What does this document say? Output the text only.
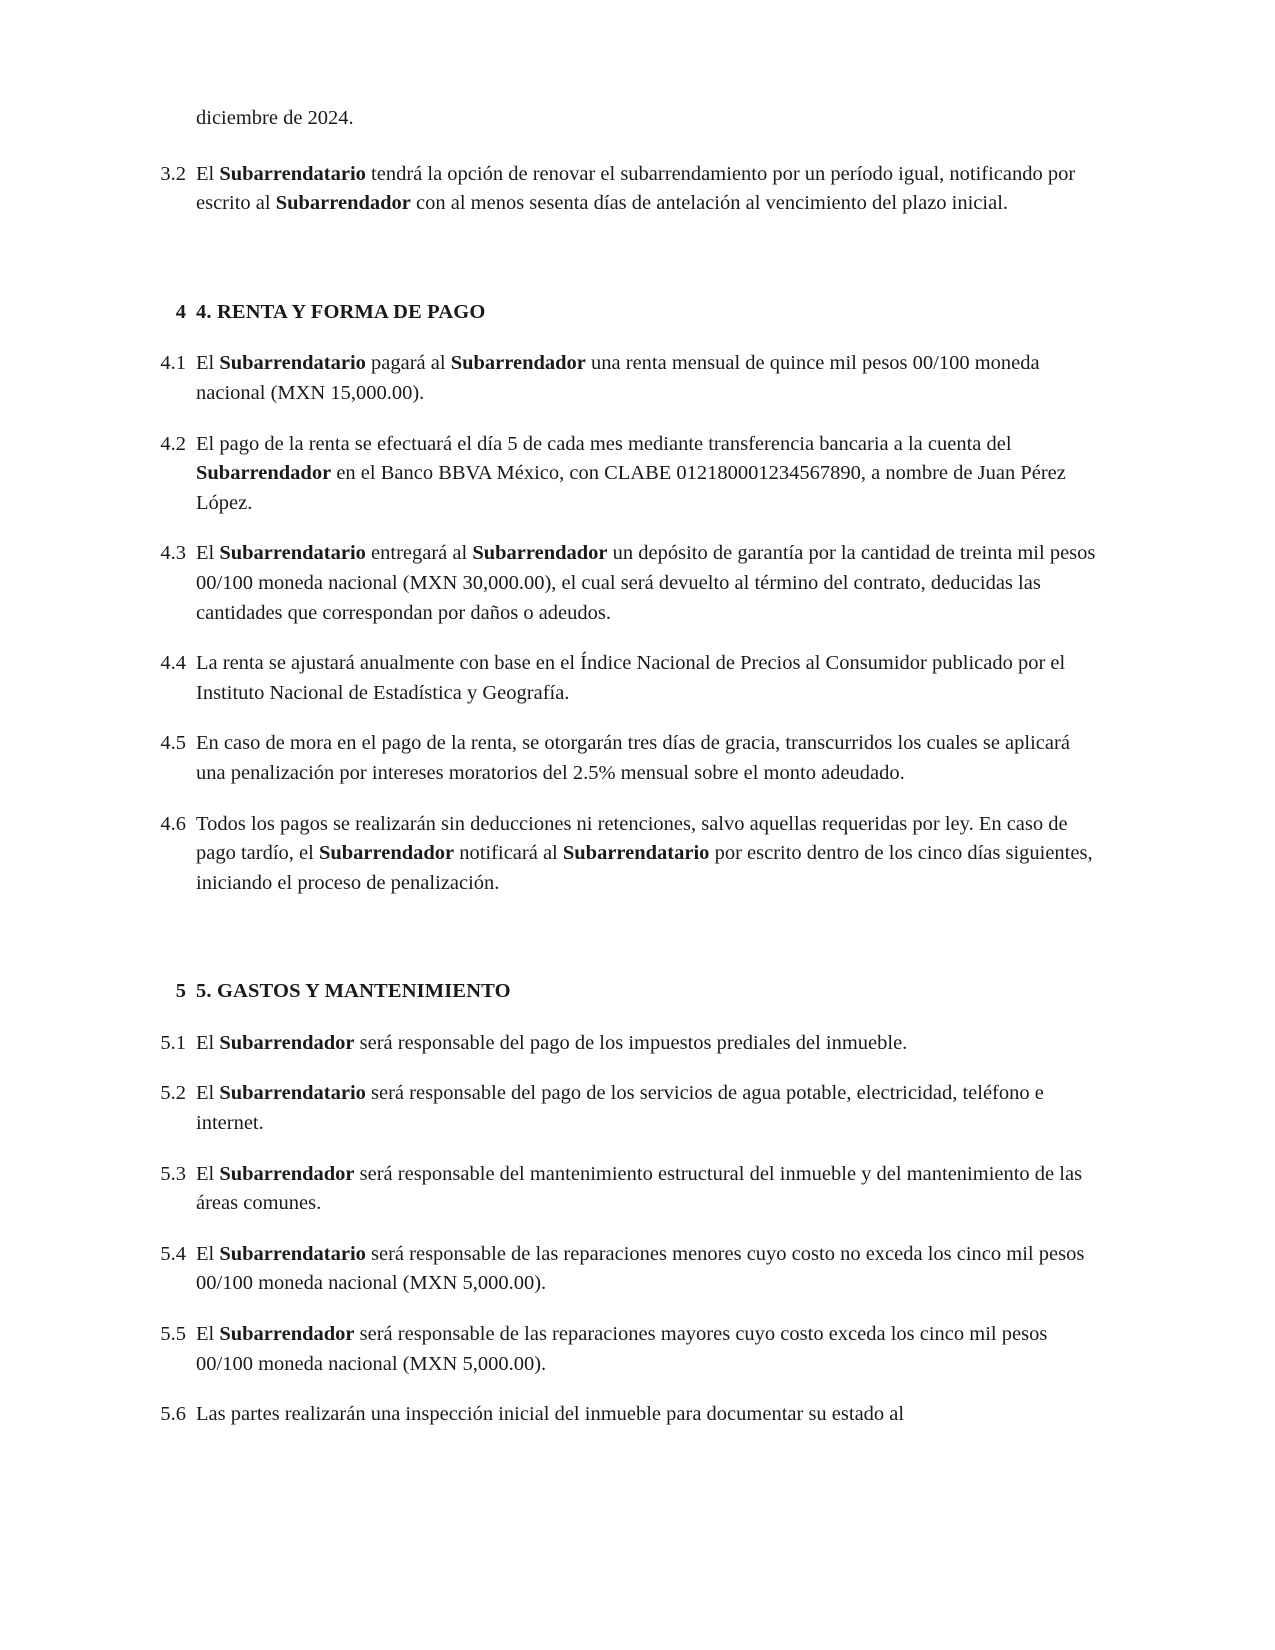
diciembre de 2024.

3.2 El Subarrendatario tendrá la opción de renovar el subarrendamiento por un período igual, notificando por escrito al Subarrendador con al menos sesenta días de antelación al vencimiento del plazo inicial.
4 4. RENTA Y FORMA DE PAGO
4.1 El Subarrendatario pagará al Subarrendador una renta mensual de quince mil pesos 00/100 moneda nacional (MXN 15,000.00).
4.2 El pago de la renta se efectuará el día 5 de cada mes mediante transferencia bancaria a la cuenta del Subarrendador en el Banco BBVA México, con CLABE 012180001234567890, a nombre de Juan Pérez López.
4.3 El Subarrendatario entregará al Subarrendador un depósito de garantía por la cantidad de treinta mil pesos 00/100 moneda nacional (MXN 30,000.00), el cual será devuelto al término del contrato, deducidas las cantidades que correspondan por daños o adeudos.
4.4 La renta se ajustará anualmente con base en el Índice Nacional de Precios al Consumidor publicado por el Instituto Nacional de Estadística y Geografía.
4.5 En caso de mora en el pago de la renta, se otorgarán tres días de gracia, transcurridos los cuales se aplicará una penalización por intereses moratorios del 2.5% mensual sobre el monto adeudado.
4.6 Todos los pagos se realizarán sin deducciones ni retenciones, salvo aquellas requeridas por ley. En caso de pago tardío, el Subarrendador notificará al Subarrendatario por escrito dentro de los cinco días siguientes, iniciando el proceso de penalización.
5 5. GASTOS Y MANTENIMIENTO
5.1 El Subarrendador será responsable del pago de los impuestos prediales del inmueble.
5.2 El Subarrendatario será responsable del pago de los servicios de agua potable, electricidad, teléfono e internet.
5.3 El Subarrendador será responsable del mantenimiento estructural del inmueble y del mantenimiento de las áreas comunes.
5.4 El Subarrendatario será responsable de las reparaciones menores cuyo costo no exceda los cinco mil pesos 00/100 moneda nacional (MXN 5,000.00).
5.5 El Subarrendador será responsable de las reparaciones mayores cuyo costo exceda los cinco mil pesos 00/100 moneda nacional (MXN 5,000.00).
5.6 Las partes realizarán una inspección inicial del inmueble para documentar su estado al
